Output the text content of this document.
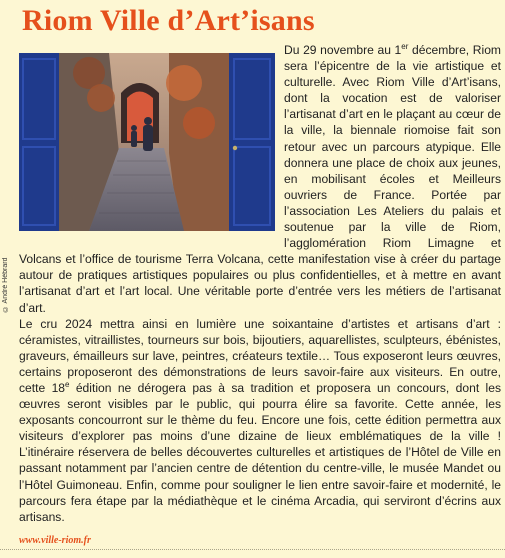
Riom Ville d’Art’isans
© André Hébrard

Du 29 novembre au 1er décembre, Riom sera l’épicentre de la vie artistique et culturelle. Avec Riom Ville d’Art’isans, dont la vocation est de valoriser l’artisanat d’art en le plaçant au cœur de la ville, la biennale riomoise fait son retour avec un parcours atypique. Elle donnera une place de choix aux jeunes, en mobilisant écoles et Meilleurs ouvriers de France. Portée par l’association Les Ateliers du palais et soutenue par la ville de Riom, l’agglomération Riom Limagne et Volcans et l’office de tourisme Terra Volcana, cette manifestation vise à créer du partage autour de pratiques artistiques populaires ou plus confidentielles, et à mettre en avant l’artisanat d’art et l’art local. Une véritable porte d’entrée vers les métiers de l’artisanat d’art.

Le cru 2024 mettra ainsi en lumière une soixantaine d’artistes et artisans d’art : céramistes, vitraillistes, tourneurs sur bois, bijoutiers, aquarellistes, sculpteurs, ébénistes, graveurs, émailleurs sur lave, peintres, créateurs textile… Tous exposeront leurs œuvres, certains proposeront des démonstrations de leurs savoir-faire aux visiteurs. En outre, cette 18e édition ne dérogera pas à sa tradition et proposera un concours, dont les œuvres seront visibles par le public, qui pourra élire sa favorite. Cette année, les exposants concourront sur le thème du feu. Encore une fois, cette édition permettra aux visiteurs d’explorer pas moins d’une dizaine de lieux emblématiques de la ville ! L’itinéraire réservera de belles découvertes culturelles et artistiques de l’Hôtel de Ville en passant notamment par l’ancien centre de détention du centre-ville, le musée Mandet ou l’Hôtel Guimoneau. Enfin, comme pour souligner le lien entre savoir-faire et modernité, le parcours fera étape par la médiathèque et le cinéma Arcadia, qui serviront d’écrins aux artisans.

www.ville-riom.fr
